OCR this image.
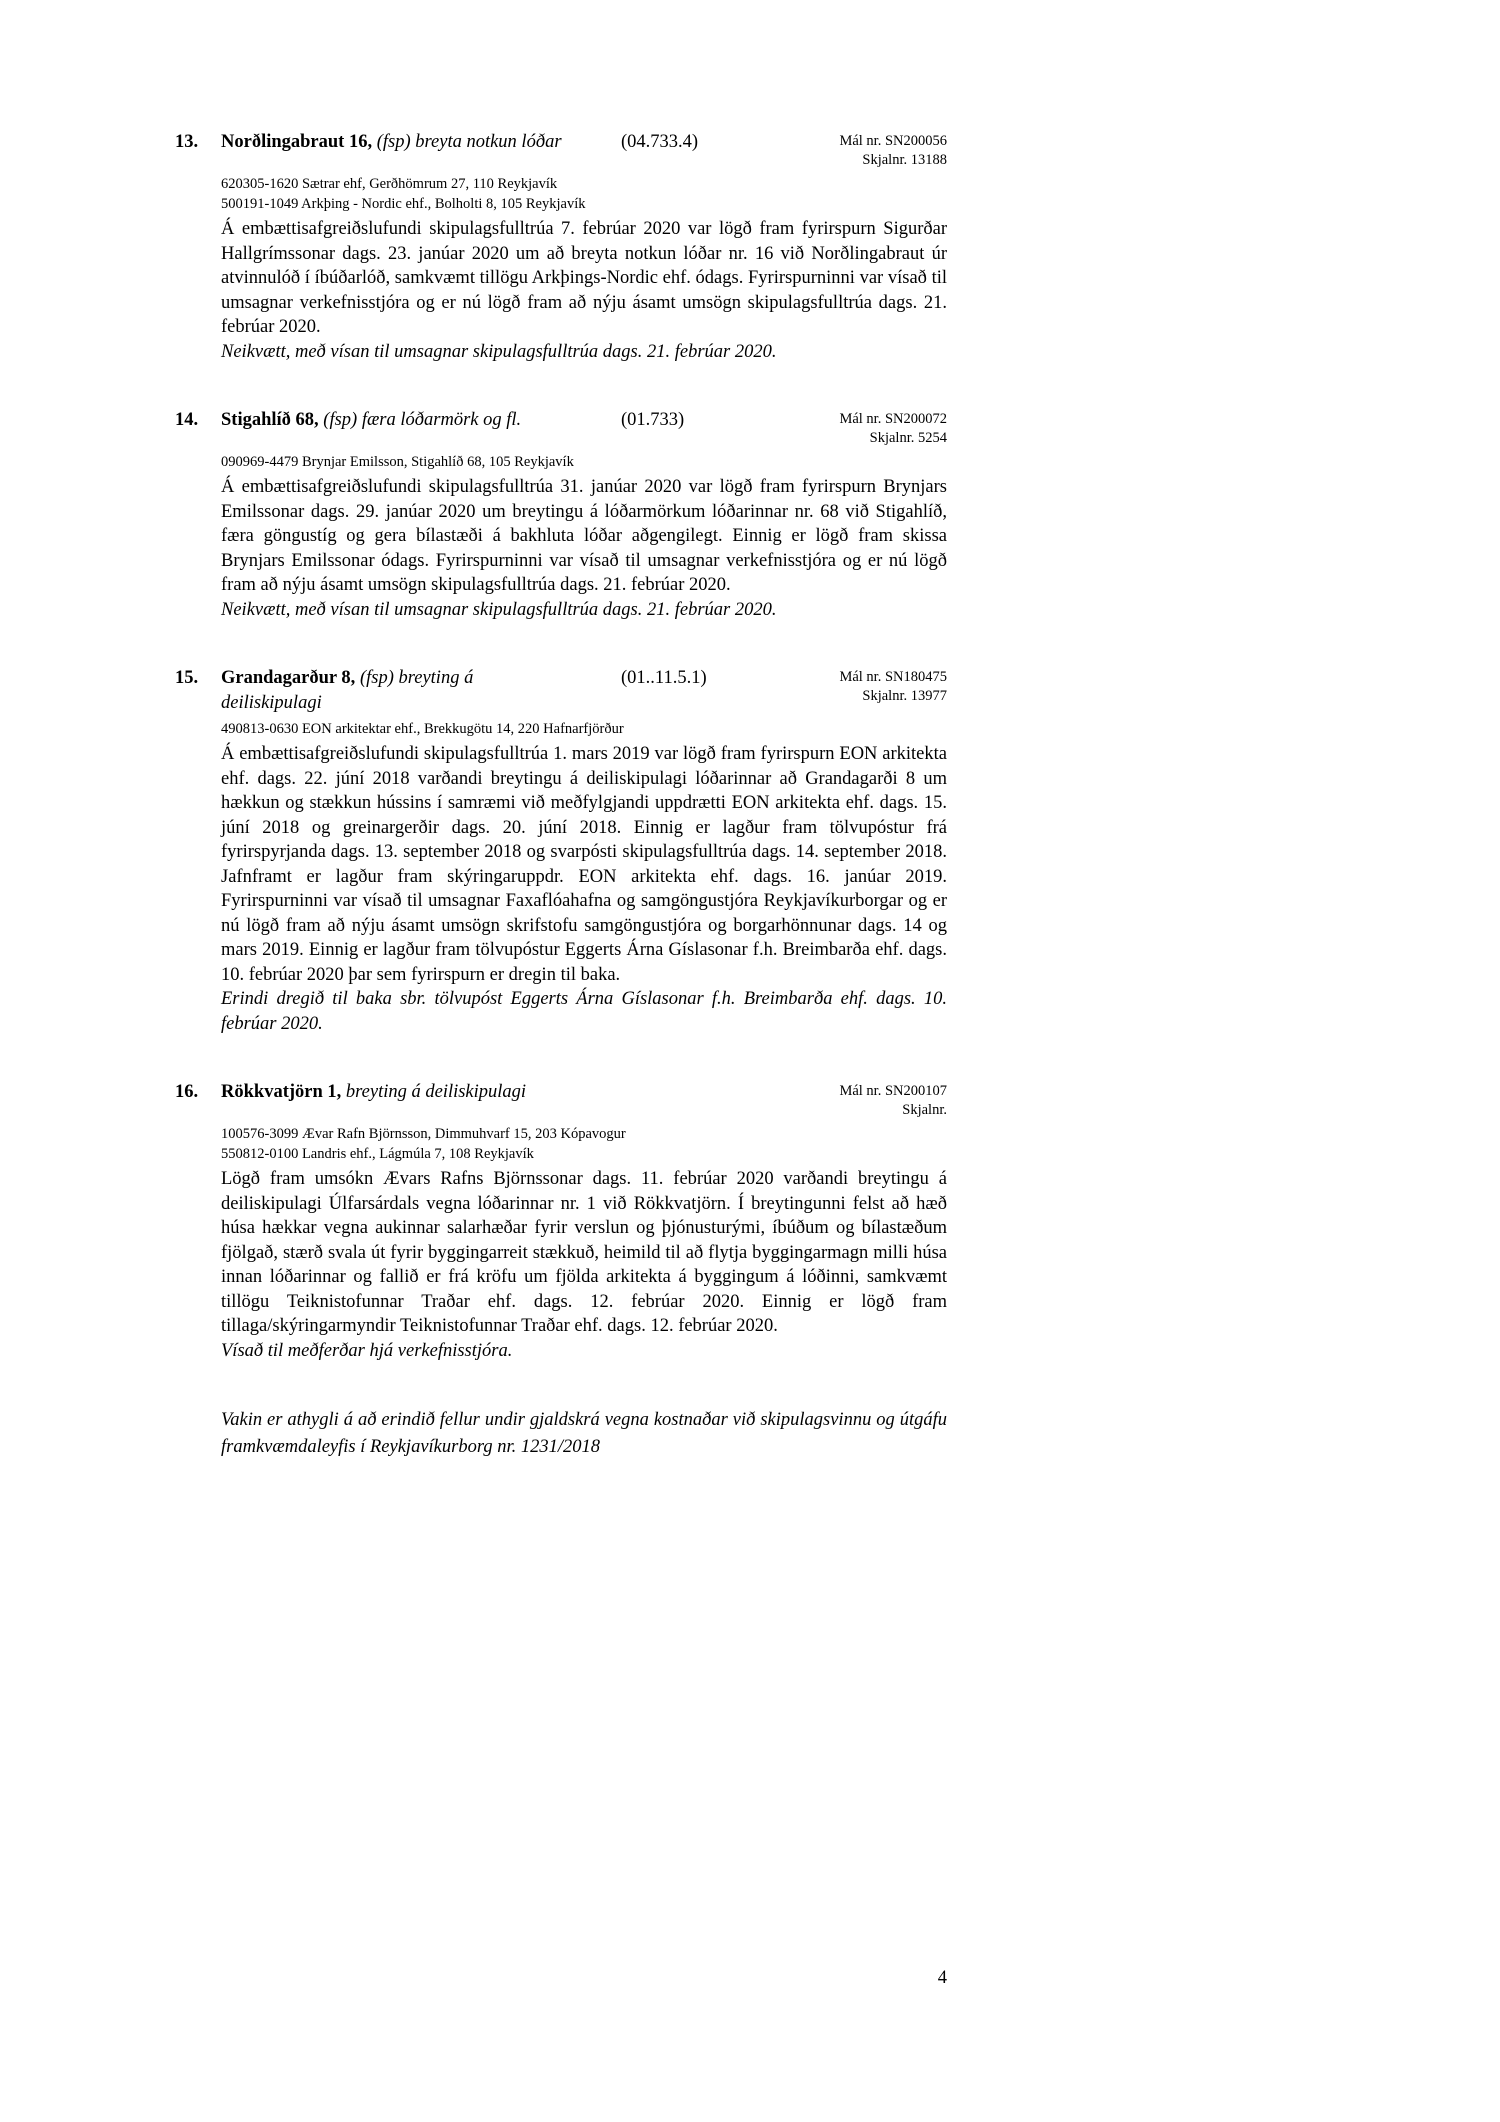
13.	Norðlingabraut 16, (fsp) breyta notkun lóðar	(04.733.4)	Mál nr. SN200056
Skjalnr. 13188
620305-1620 Sætrar ehf, Gerðhömrum 27, 110 Reykjavík
500191-1049 Arkþing - Nordic ehf., Bolholti 8, 105 Reykjavík
Á embættisafgreiðslufundi skipulagsfulltrúa 7. febrúar 2020 var lögð fram fyrirspurn Sigurðar Hallgrímssonar dags. 23. janúar 2020 um að breyta notkun lóðar nr. 16 við Norðlingabraut úr atvinnulóð í íbúðarlóð, samkvæmt tillögu Arkþings-Nordic ehf. ódags. Fyrirspurninni var vísað til umsagnar verkefnisstjóra og er nú lögð fram að nýju ásamt umsögn skipulagsfulltrúa dags. 21. febrúar 2020.
Neikvætt, með vísan til umsagnar skipulagsfulltrúa dags. 21. febrúar 2020.
14.	Stigahlíð 68, (fsp) færa lóðarmörk og fl.	(01.733)	Mál nr. SN200072
Skjalnr. 5254
090969-4479 Brynjar Emilsson, Stigahlíð 68, 105 Reykjavík
Á embættisafgreiðslufundi skipulagsfulltrúa 31. janúar 2020 var lögð fram fyrirspurn Brynjars Emilssonar dags. 29. janúar 2020 um breytingu á lóðarmörkum lóðarinnar nr. 68 við Stigahlíð, færa göngustíg og gera bílastæði á bakhluta lóðar aðgengilegt. Einnig er lögð fram skissa Brynjars Emilssonar ódags. Fyrirspurninni var vísað til umsagnar verkefnisstjóra og er nú lögð fram að nýju ásamt umsögn skipulagsfulltrúa dags. 21. febrúar 2020.
Neikvætt, með vísan til umsagnar skipulagsfulltrúa dags. 21. febrúar 2020.
15.	Grandagarður 8, (fsp) breyting á deiliskipulagi
(01..11.5.1)	Mál nr. SN180475
Skjalnr. 13977
490813-0630 EON arkitektar ehf., Brekkugötu 14, 220 Hafnarfjörður
Á embættisafgreiðslufundi skipulagsfulltrúa 1. mars 2019 var lögð fram fyrirspurn EON arkitekta ehf. dags. 22. júní 2018 varðandi breytingu á deiliskipulagi lóðarinnar að Grandagarði 8 um hækkun og stækkun hússins í samræmi við meðfylgjandi uppdrætti EON arkitekta ehf. dags. 15. júní 2018 og greinargerðir dags. 20. júní 2018. Einnig er lagður fram tölvupóstur frá fyrirspyrjanda dags. 13. september 2018 og svarpósti skipulagsfulltrúa dags. 14. september 2018. Jafnframt er lagður fram skýringaruppdr. EON arkitekta ehf. dags. 16. janúar 2019. Fyrirspurninni var vísað til umsagnar Faxaflóahafna og samgöngustjóra Reykjavíkurborgar og er nú lögð fram að nýju ásamt umsögn skrifstofu samgöngustjóra og borgarhönnunar dags. 14 og mars 2019. Einnig er lagður fram tölvupóstur Eggerts Árna Gíslasonar f.h. Breimbarða ehf. dags. 10. febrúar 2020 þar sem fyrirspurn er dregin til baka.
Erindi dregið til baka sbr. tölvupóst Eggerts Árna Gíslasonar f.h. Breimbarða ehf. dags. 10. febrúar 2020.
16.	Rökkvatjörn 1, breyting á deiliskipulagi	Mál nr. SN200107
Skjalnr.
100576-3099 Ævar Rafn Björnsson, Dimmuhvarf 15, 203 Kópavogur
550812-0100 Landris ehf., Lágmúla 7, 108 Reykjavík
Lögð fram umsókn Ævars Rafns Björnssonar dags. 11. febrúar 2020 varðandi breytingu á deiliskipulagi Úlfarsárdals vegna lóðarinnar nr. 1 við Rökkvatjörn. Í breytingunni felst að hæð húsa hækkar vegna aukinnar salarhæðar fyrir verslun og þjónusturými, íbúðum og bílastæðum fjölgað, stærð svala út fyrir byggingarreit stækkuð, heimild til að flytja byggingarmagn milli húsa innan lóðarinnar og fallið er frá kröfu um fjölda arkitekta á byggingum á lóðinni, samkvæmt tillögu Teiknistofunnar Traðar ehf. dags. 12. febrúar 2020. Einnig er lögð fram tillaga/skýringarmyndir Teiknistofunnar Traðar ehf. dags. 12. febrúar 2020.
Vísað til meðferðar hjá verkefnisstjóra.
Vakin er athygli á að erindið fellur undir gjaldskrá vegna kostnaðar við skipulagsvinnu og útgáfu framkvæmdaleyfis í Reykjavíkurborg nr. 1231/2018
4
